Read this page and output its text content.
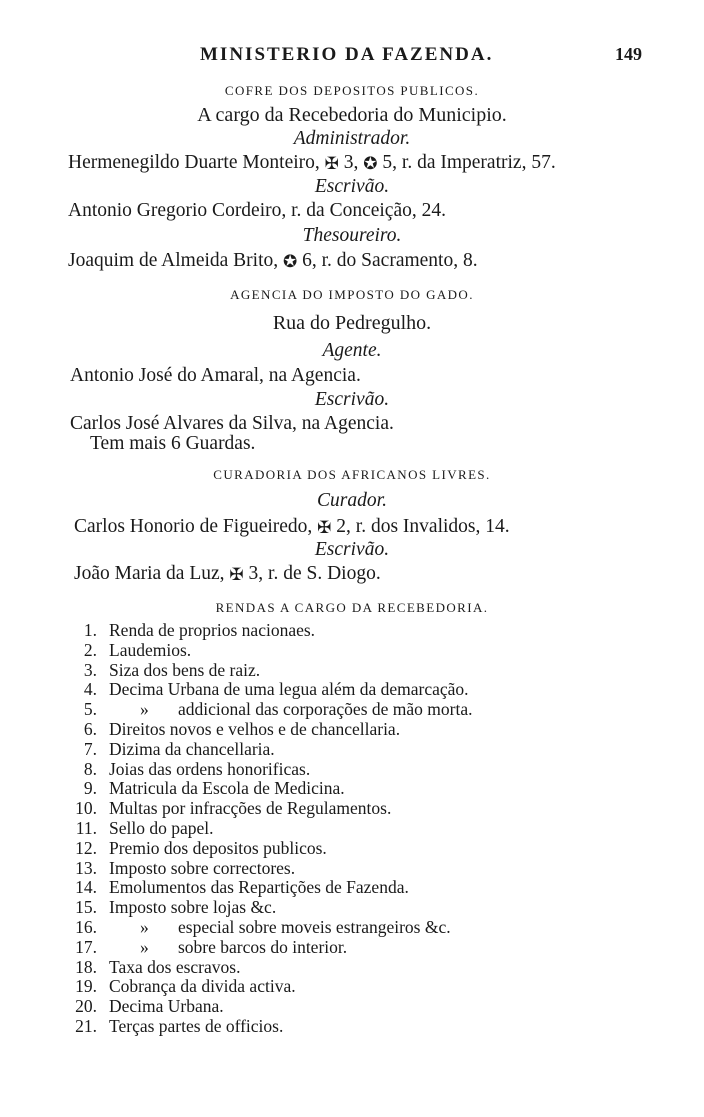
MINISTERIO DA FAZENDA.	149
COFRE DOS DEPOSITOS PUBLICOS.
A cargo da Recebedoria do Municipio.
Administrador.
Hermenegildo Duarte Monteiro, ✠ 3, ✪ 5, r. da Imperatriz, 57.
Escrivão.
Antonio Gregorio Cordeiro, r. da Conceição, 24.
Thesoureiro.
Joaquim de Almeida Brito, ✪ 6, r. do Sacramento, 8.
AGENCIA DO IMPOSTO DO GADO.
Rua do Pedregulho.
Agente.
Antonio José do Amaral, na Agencia.
Escrivão.
Carlos José Alvares da Silva, na Agencia.
Tem mais 6 Guardas.
CURADORIA DOS AFRICANOS LIVRES.
Curador.
Carlos Honorio de Figueiredo, ✠ 2, r. dos Invalidos, 14.
Escrivão.
João Maria da Luz, ✠ 3, r. de S. Diogo.
RENDAS A CARGO DA RECEBEDORIA.
1. Renda de proprios nacionaes.
2. Laudemios.
3. Siza dos bens de raiz.
4. Decima Urbana de uma legua além da demarcação.
5. » addicional das corporações de mão morta.
6. Direitos novos e velhos e de chancellaria.
7. Dizima da chancellaria.
8. Joias das ordens honorificas.
9. Matricula da Escola de Medicina.
10. Multas por infracções de Regulamentos.
11. Sello do papel.
12. Premio dos depositos publicos.
13. Imposto sobre correctores.
14. Emolumentos das Repartições de Fazenda.
15. Imposto sobre lojas &c.
16. » especial sobre moveis estrangeiros &c.
17. » sobre barcos do interior.
18. Taxa dos escravos.
19. Cobrança da divida activa.
20. Decima Urbana.
21. Terças partes de officios.
